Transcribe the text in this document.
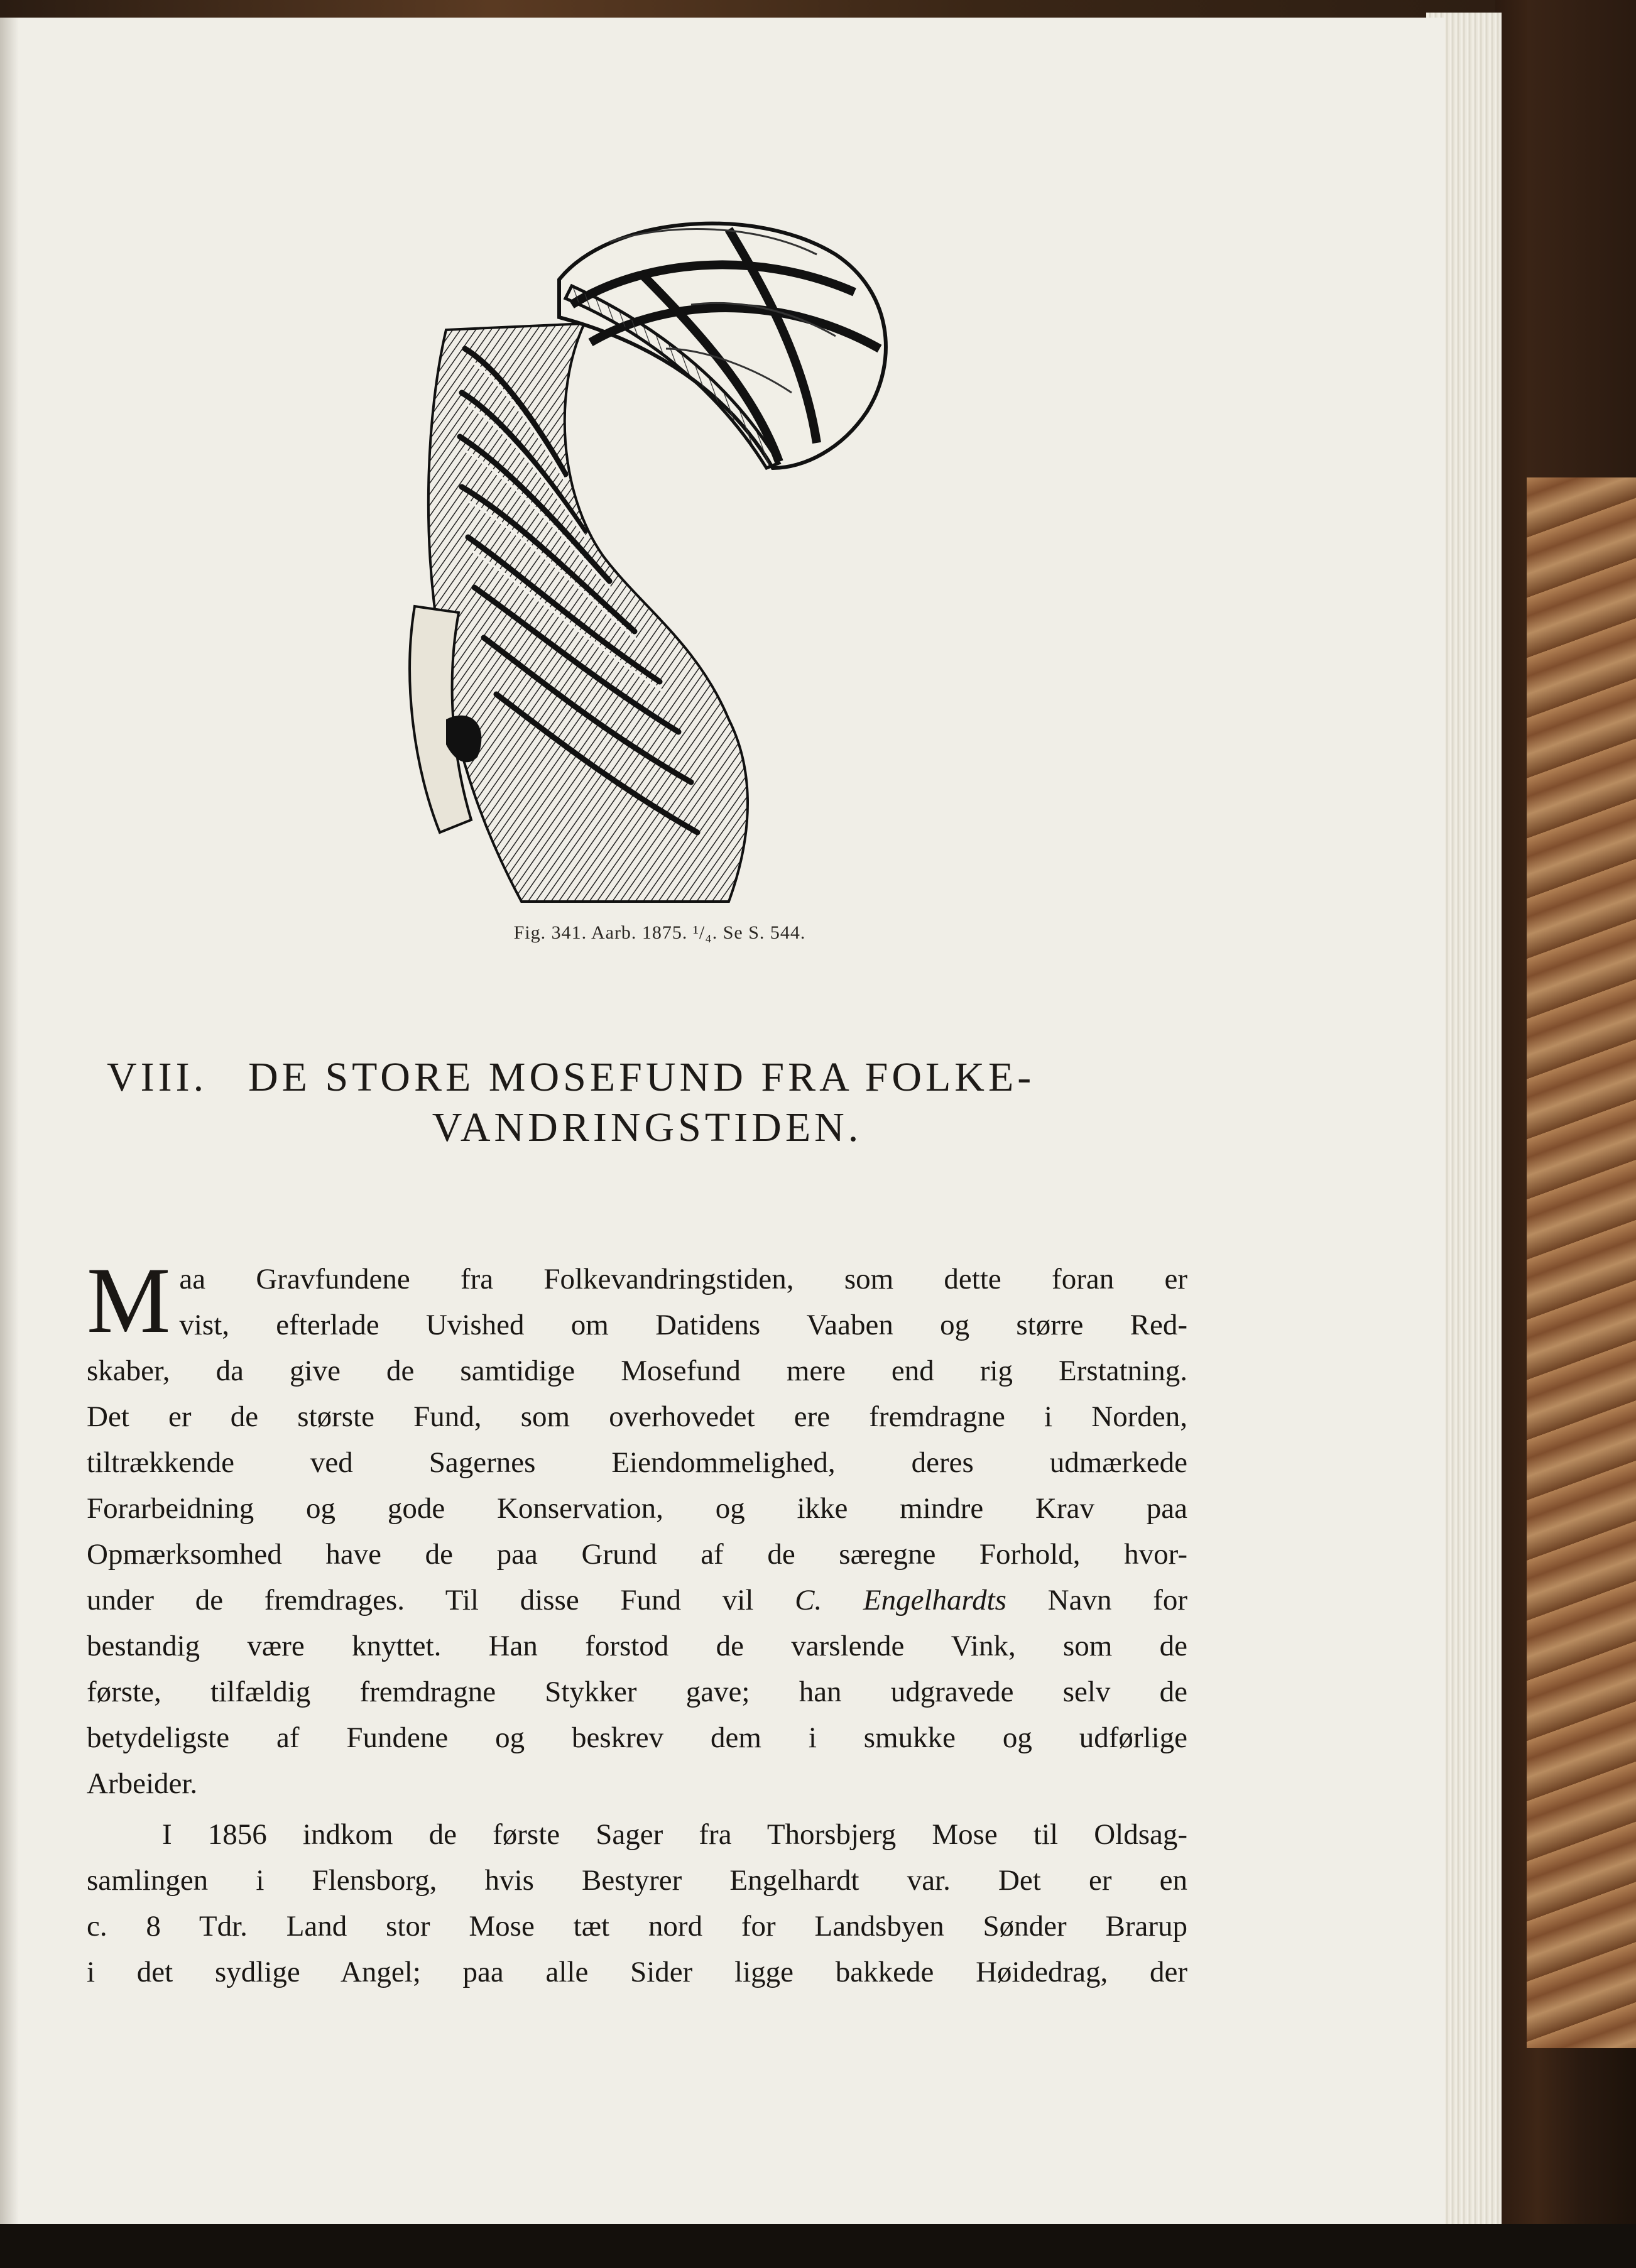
Fig. 341. Aarb. 1875. ¹/₄. Se S. 544.
VIII. DE STORE MOSEFUND FRA FOLKE-
VANDRINGSTIDEN.
M aa Gravfundene fra Folkevandringstiden, som dette foran er
vist, efterlade Uvished om Datidens Vaaben og større Red-
skaber, da give de samtidige Mosefund mere end rig Erstatning.
Det er de største Fund, som overhovedet ere fremdragne i Norden,
tiltrækkende ved Sagernes Eiendommelighed, deres udmærkede
Forarbeidning og gode Konservation, og ikke mindre Krav paa
Opmærksomhed have de paa Grund af de særegne Forhold, hvor-
under de fremdrages. Til disse Fund vil C. Engelhardts Navn for
bestandig være knyttet. Han forstod de varslende Vink, som de
første, tilfældig fremdragne Stykker gave; han udgravede selv de
betydeligste af Fundene og beskrev dem i smukke og udførlige
Arbeider.
I 1856 indkom de første Sager fra Thorsbjerg Mose til Oldsag-
samlingen i Flensborg, hvis Bestyrer Engelhardt var. Det er en
c. 8 Tdr. Land stor Mose tæt nord for Landsbyen Sønder Brarup
i det sydlige Angel; paa alle Sider ligge bakkede Høidedrag, der
